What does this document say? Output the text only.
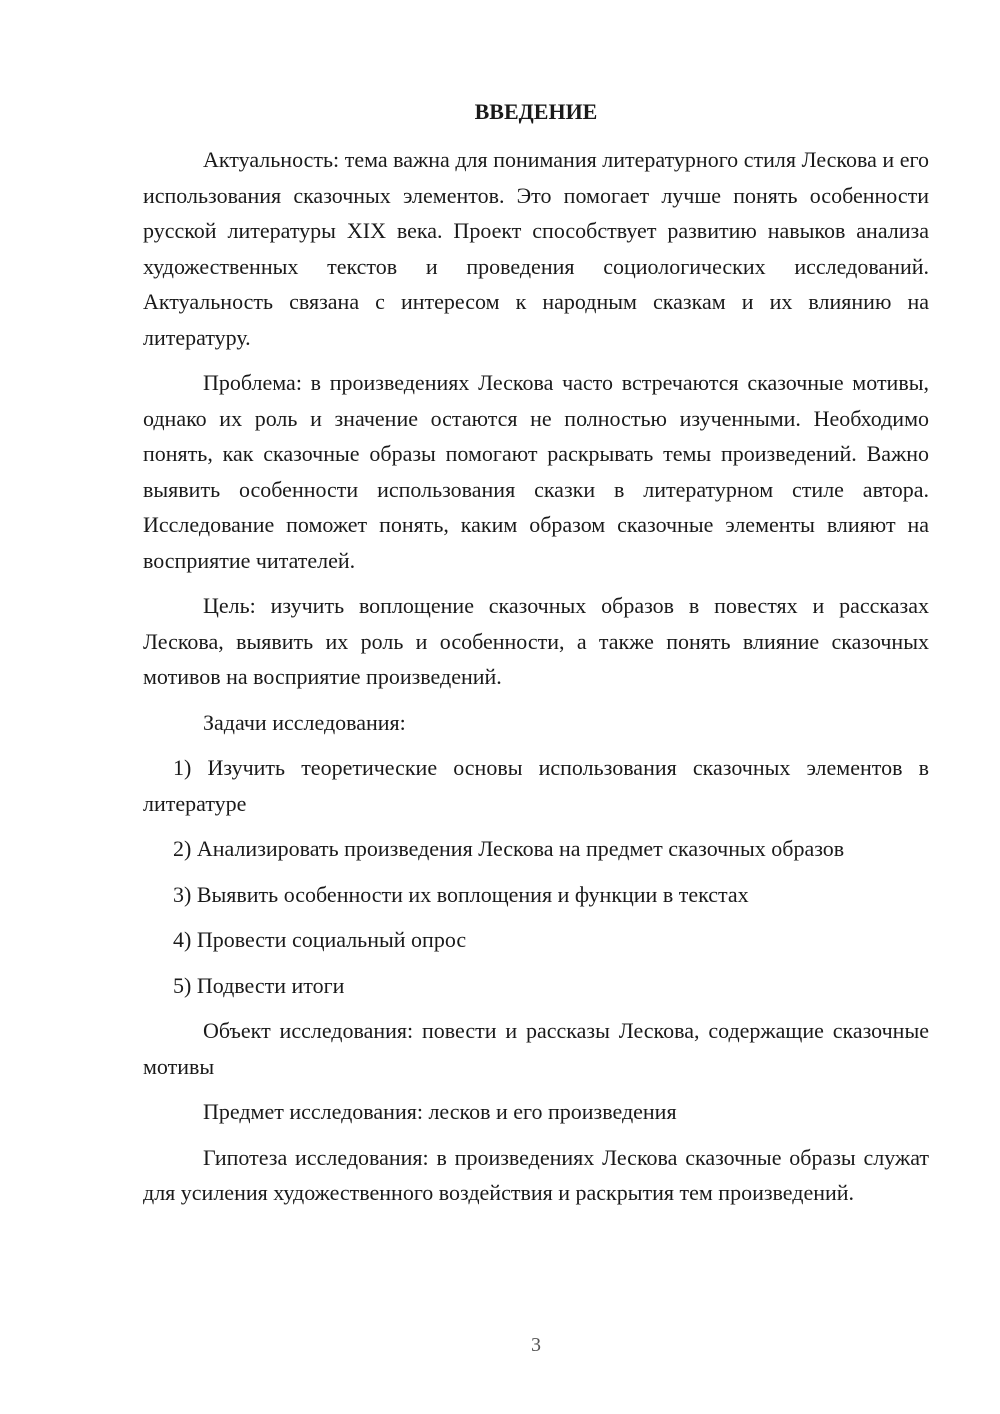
ВВЕДЕНИЕ

Актуальность: тема важна для понимания литературного стиля Лескова и его использования сказочных элементов. Это помогает лучше понять особенности русской литературы XIX века. Проект способствует развитию навыков анализа художественных текстов и проведения социологических исследований. Актуальность связана с интересом к народным сказкам и их влиянию на литературу.

Проблема: в произведениях Лескова часто встречаются сказочные мотивы, однако их роль и значение остаются не полностью изученными. Необходимо понять, как сказочные образы помогают раскрывать темы произведений. Важно выявить особенности использования сказки в литературном стиле автора. Исследование поможет понять, каким образом сказочные элементы влияют на восприятие читателей.

Цель: изучить воплощение сказочных образов в повестях и рассказах Лескова, выявить их роль и особенности, а также понять влияние сказочных мотивов на восприятие произведений.

Задачи исследования:

1) Изучить теоретические основы использования сказочных элементов в литературе

2) Анализировать произведения Лескова на предмет сказочных образов

3) Выявить особенности их воплощения и функции в текстах

4) Провести социальный опрос

5) Подвести итоги

Объект исследования: повести и рассказы Лескова, содержащие сказочные мотивы

Предмет исследования: лесков и его произведения

Гипотеза исследования: в произведениях Лескова сказочные образы служат для усиления художественного воздействия и раскрытия тем произведений.

3
